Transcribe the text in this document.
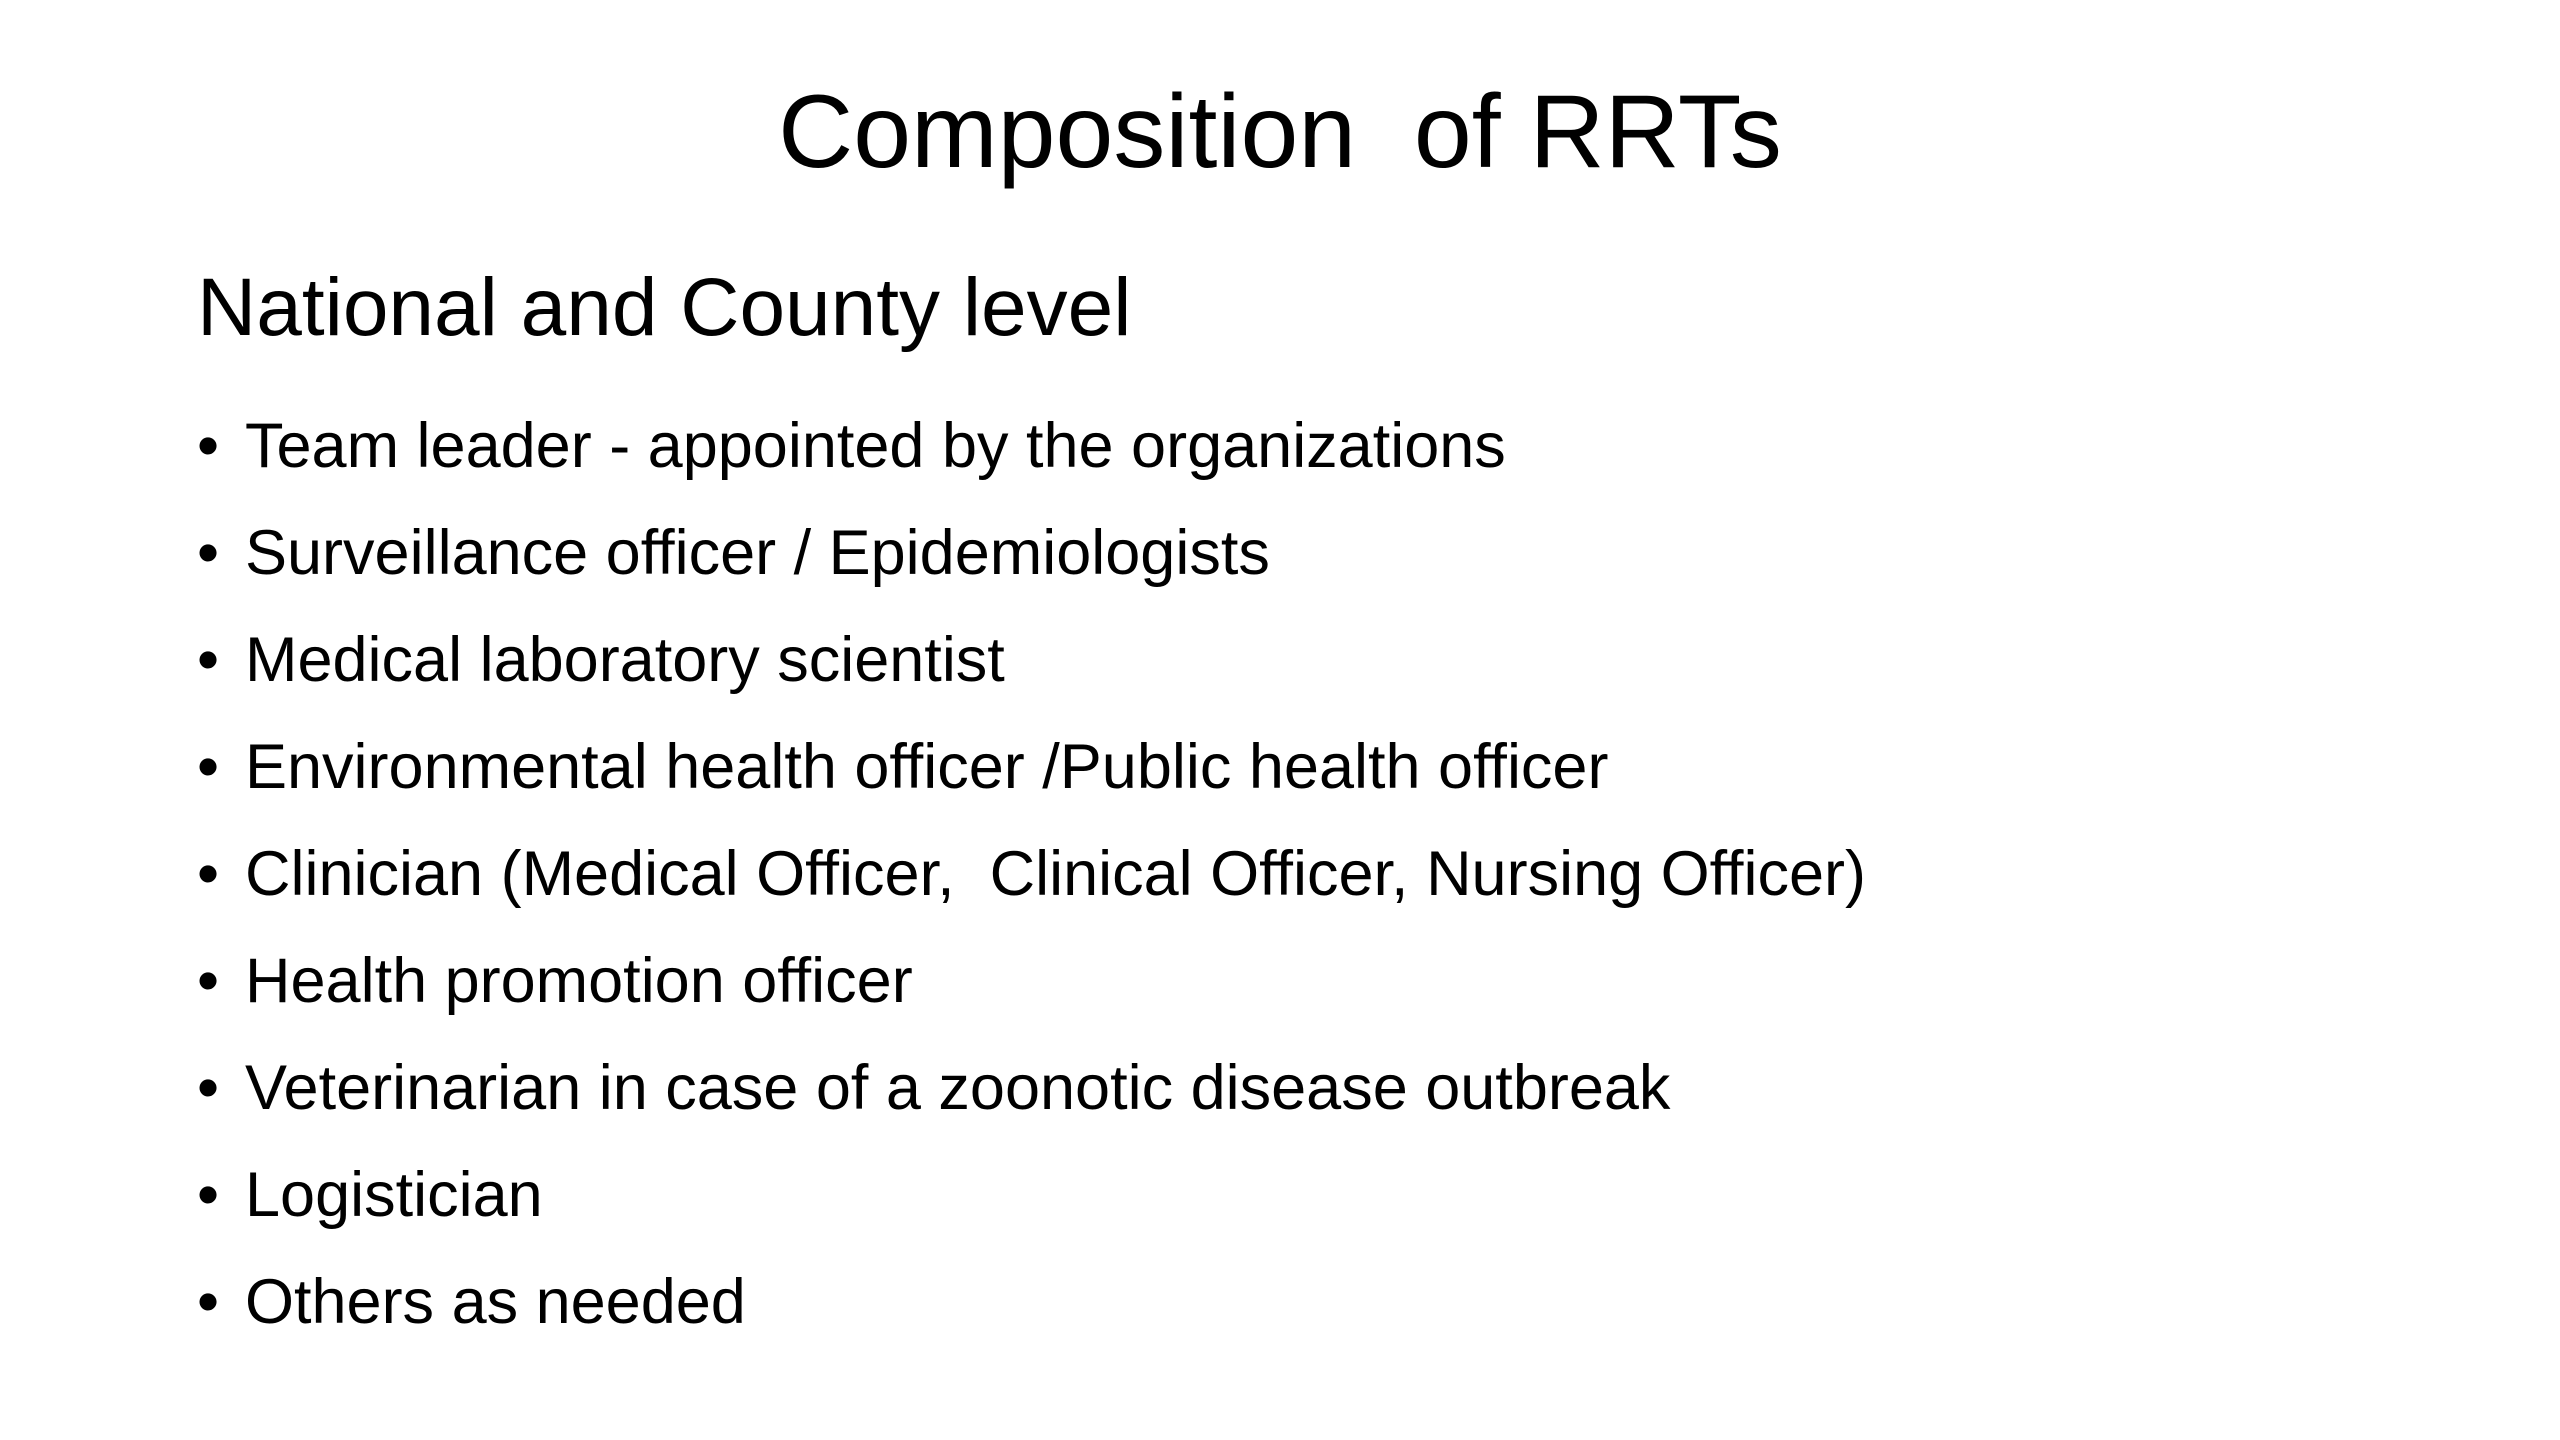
Composition  of RRTs
National and County level
• Team leader - appointed by the organizations
• Surveillance officer / Epidemiologists
• Medical laboratory scientist
• Environmental health officer /Public health officer
• Clinician (Medical Officer,  Clinical Officer, Nursing Officer)
• Health promotion officer
• Veterinarian in case of a zoonotic disease outbreak
• Logistician
• Others as needed
